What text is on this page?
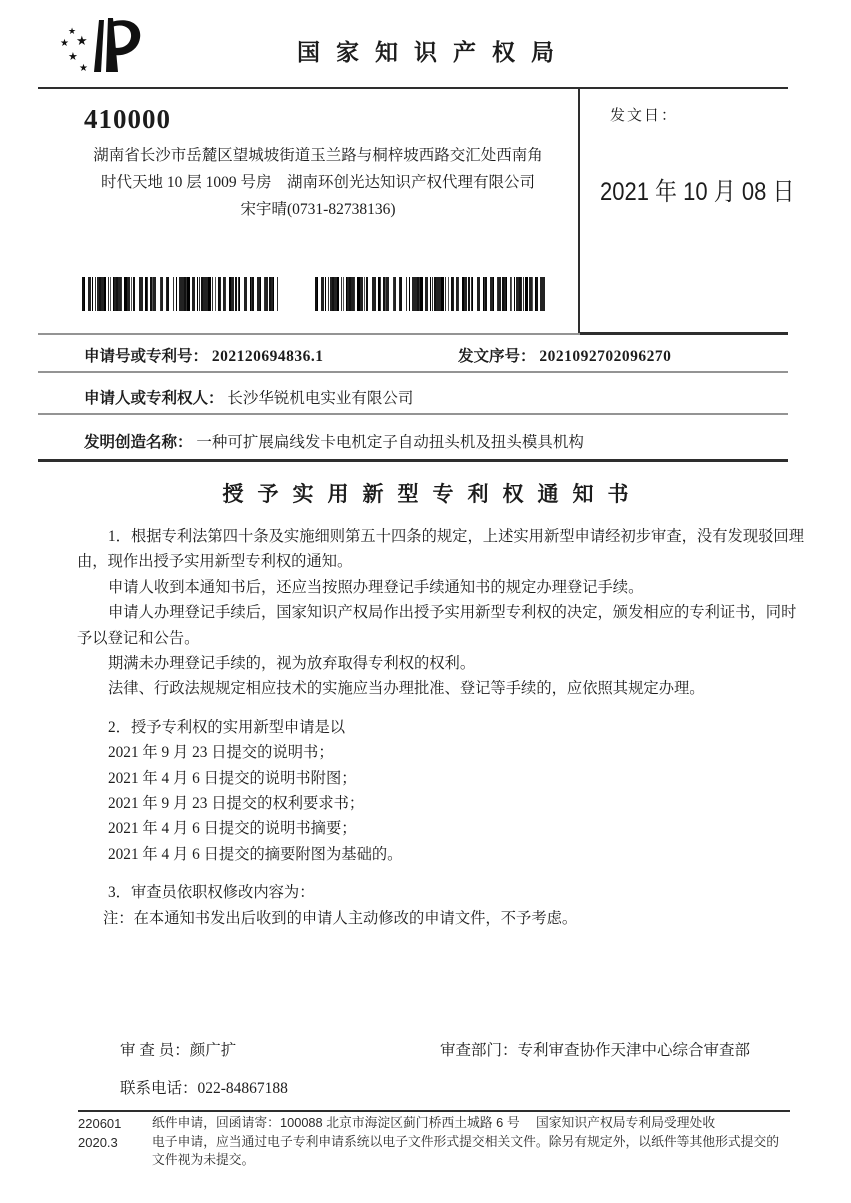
★
★
★
★
★
国家知识产权局
410000
湖南省长沙市岳麓区望城坡街道玉兰路与桐梓坡西路交汇处西南角
时代天地 10 层 1009 号房　湖南环创光达知识产权代理有限公司
宋宇晴(0731-82738136)
发文日：
2021 年 10 月 08 日
申请号或专利号： 202120694836.1	发文序号： 2021092702096270
申请人或专利权人： 长沙华锐机电实业有限公司
发明创造名称： 一种可扩展扁线发卡电机定子自动扭头机及扭头模具机构
授予实用新型专利权通知书

1．根据专利法第四十条及实施细则第五十四条的规定，上述实用新型申请经初步审查，没有发现驳回理
由，现作出授予实用新型专利权的通知。
申请人收到本通知书后，还应当按照办理登记手续通知书的规定办理登记手续。
申请人办理登记手续后，国家知识产权局作出授予实用新型专利权的决定，颁发相应的专利证书，同时
予以登记和公告。
期满未办理登记手续的，视为放弃取得专利权的权利。
法律、行政法规规定相应技术的实施应当办理批准、登记等手续的，应依照其规定办理。

2．授予专利权的实用新型申请是以
2021 年 9 月 23 日提交的说明书；
2021 年 4 月 6 日提交的说明书附图；
2021 年 9 月 23 日提交的权利要求书；
2021 年 4 月 6 日提交的说明书摘要；
2021 年 4 月 6 日提交的摘要附图为基础的。

3．审查员依职权修改内容为：
注：在本通知书发出后收到的申请人主动修改的申请文件，不予考虑。

审 查 员：颜广扩	审查部门：专利审查协作天津中心综合审查部
联系电话：022-84867188
220601
2020.3
纸件申请，回函请寄：100088 北京市海淀区蓟门桥西土城路 6 号　 国家知识产权局专利局受理处收
电子申请，应当通过电子专利申请系统以电子文件形式提交相关文件。除另有规定外，以纸件等其他形式提交的
文件视为未提交。
